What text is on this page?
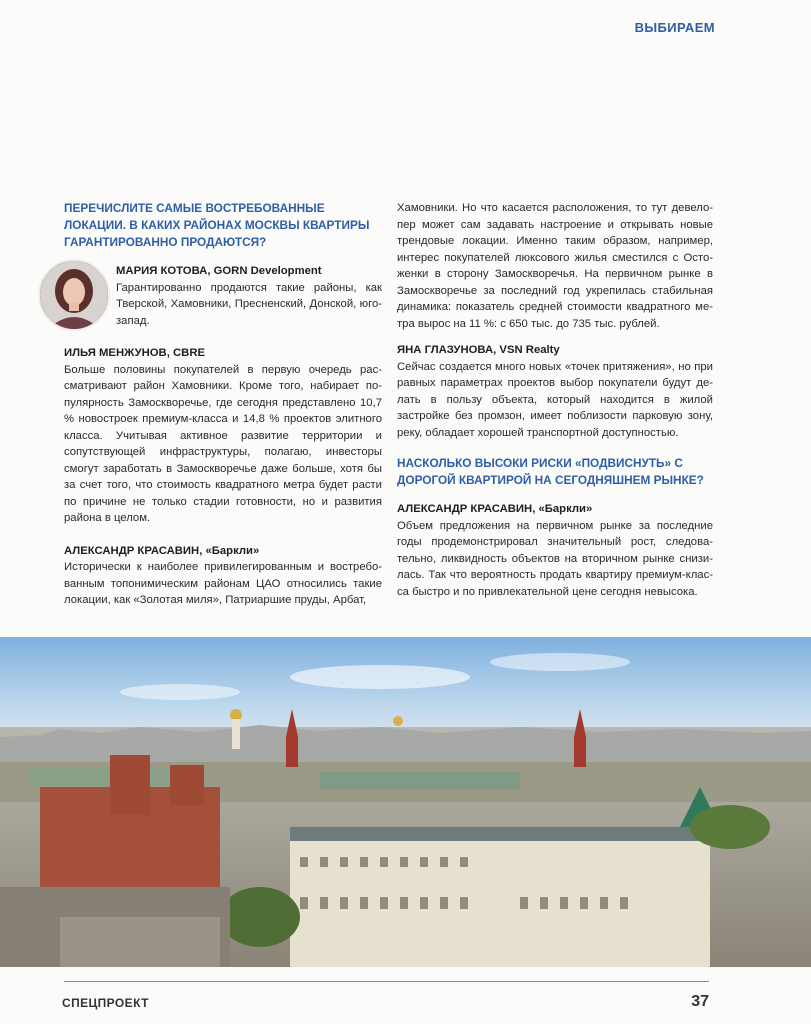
ВЫБИРАЕМ

ПЕРЕЧИСЛИТЕ САМЫЕ ВОСТРЕБОВАННЫЕ ЛОКАЦИИ. В КАКИХ РАЙОНАХ МОСКВЫ КВАРТИРЫ ГАРАНТИРОВАННО ПРОДАЮТСЯ?

МАРИЯ КОТОВА, GORN Development

Гарантированно продаются такие районы, как Тверской, Хамовники, Пресненский, Донской, юго-запад.

ИЛЬЯ МЕНЖУНОВ, CBRE

Больше половины покупателей в первую очередь рассматривают район Хамовники. Кроме того, набирает популярность Замоскворечье, где сегодня представлено 10,7 % новостроек премиум-класса и 14,8 % проектов элитного класса. Учитывая активное развитие территории и сопутствующей инфраструктуры, полагаю, инвесторы смогут заработать в Замоскворечье даже больше, хотя бы за счет того, что стоимость квадратного метра будет расти по причине не только стадии готовности, но и развития района в целом.

АЛЕКСАНДР КРАСАВИН, «Баркли»

Исторически к наиболее привилегированным и востребованным топонимическим районам ЦАО относились такие локации, как «Золотая миля», Патриаршие пруды, Арбат,

Хамовники. Но что касается расположения, то тут девелопер может сам задавать настроение и открывать новые трендовые локации. Именно таким образом, например, интерес покупателей люксового жилья сместился с Остоженки в сторону Замоскворечья. На первичном рынке в Замоскворечье за последний год укрепилась стабильная динамика: показатель средней стоимости квадратного метра вырос на 11 %: с 650 тыс. до 735 тыс. рублей.

ЯНА ГЛАЗУНОВА, VSN Realty

Сейчас создается много новых «точек притяжения», но при равных параметрах проектов выбор покупатели будут делать в пользу объекта, который находится в жилой застройке без промзон, имеет поблизости парковую зону, реку, обладает хорошей транспортной доступностью.

НАСКОЛЬКО ВЫСОКИ РИСКИ «ПОДВИСНУТЬ» С ДОРОГОЙ КВАРТИРОЙ НА СЕГОДНЯШНЕМ РЫНКЕ?

АЛЕКСАНДР КРАСАВИН, «Баркли»

Объем предложения на первичном рынке за последние годы продемонстрировал значительный рост, следовательно, ликвидность объектов на вторичном рынке снизилась. Так что вероятность продать квартиру премиум-класса быстро и по привлекательной цене сегодня невысока.

СПЕЦПРОЕКТ	37
